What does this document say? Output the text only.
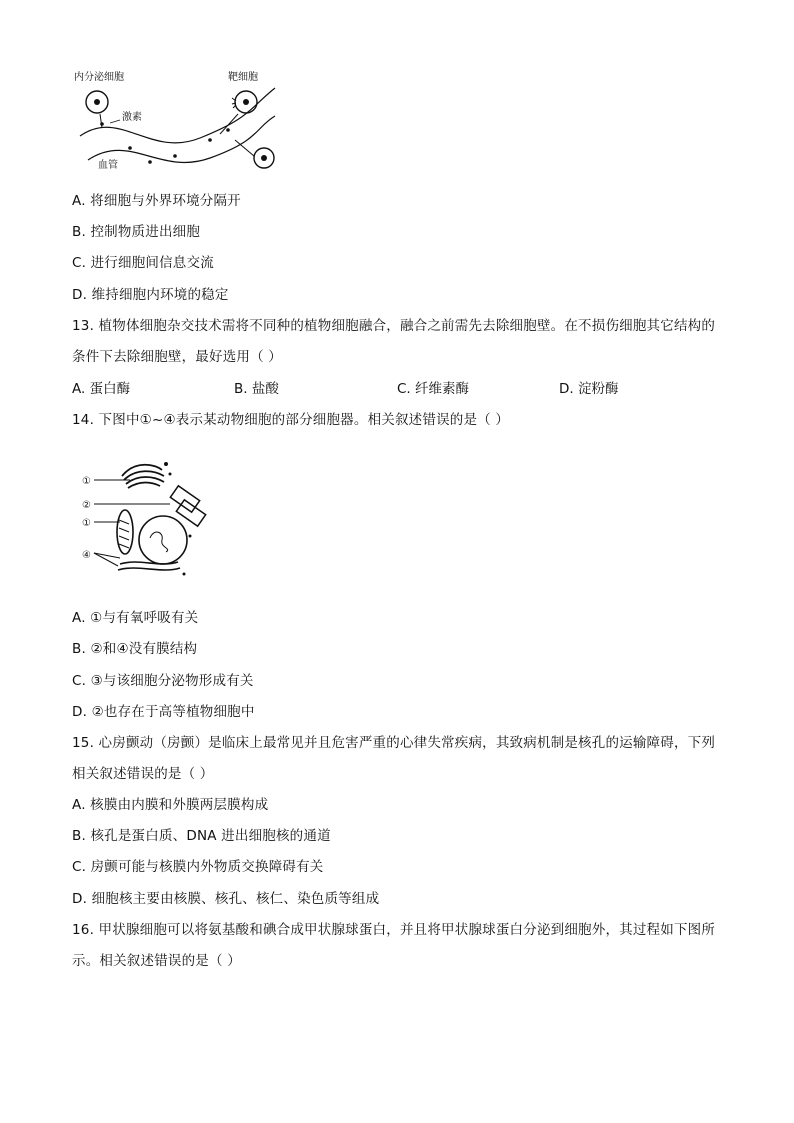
内分泌细胞	靶细胞
激素
血管
A. 将细胞与外界环境分隔开
B. 控制物质进出细胞
C. 进行细胞间信息交流
D. 维持细胞内环境的稳定
13. 植物体细胞杂交技术需将不同种的植物细胞融合，融合之前需先去除细胞壁。在不损伤细胞其它结构的
条件下去除细胞壁，最好选用（ ）
A. 蛋白酶	B. 盐酸	C. 纤维素酶	D. 淀粉酶
14. 下图中①~④表示某动物细胞的部分细胞器。相关叙述错误的是（ ）
①
②
①
④
A. ①与有氧呼吸有关
B. ②和④没有膜结构
C. ③与该细胞分泌物形成有关
D. ②也存在于高等植物细胞中
15. 心房颤动（房颤）是临床上最常见并且危害严重的心律失常疾病，其致病机制是核孔的运输障碍，下列
相关叙述错误的是（ ）
A. 核膜由内膜和外膜两层膜构成
B. 核孔是蛋白质、DNA 进出细胞核的通道
C. 房颤可能与核膜内外物质交换障碍有关
D. 细胞核主要由核膜、核孔、核仁、染色质等组成
16. 甲状腺细胞可以将氨基酸和碘合成甲状腺球蛋白，并且将甲状腺球蛋白分泌到细胞外，其过程如下图所
示。相关叙述错误的是（ ）
